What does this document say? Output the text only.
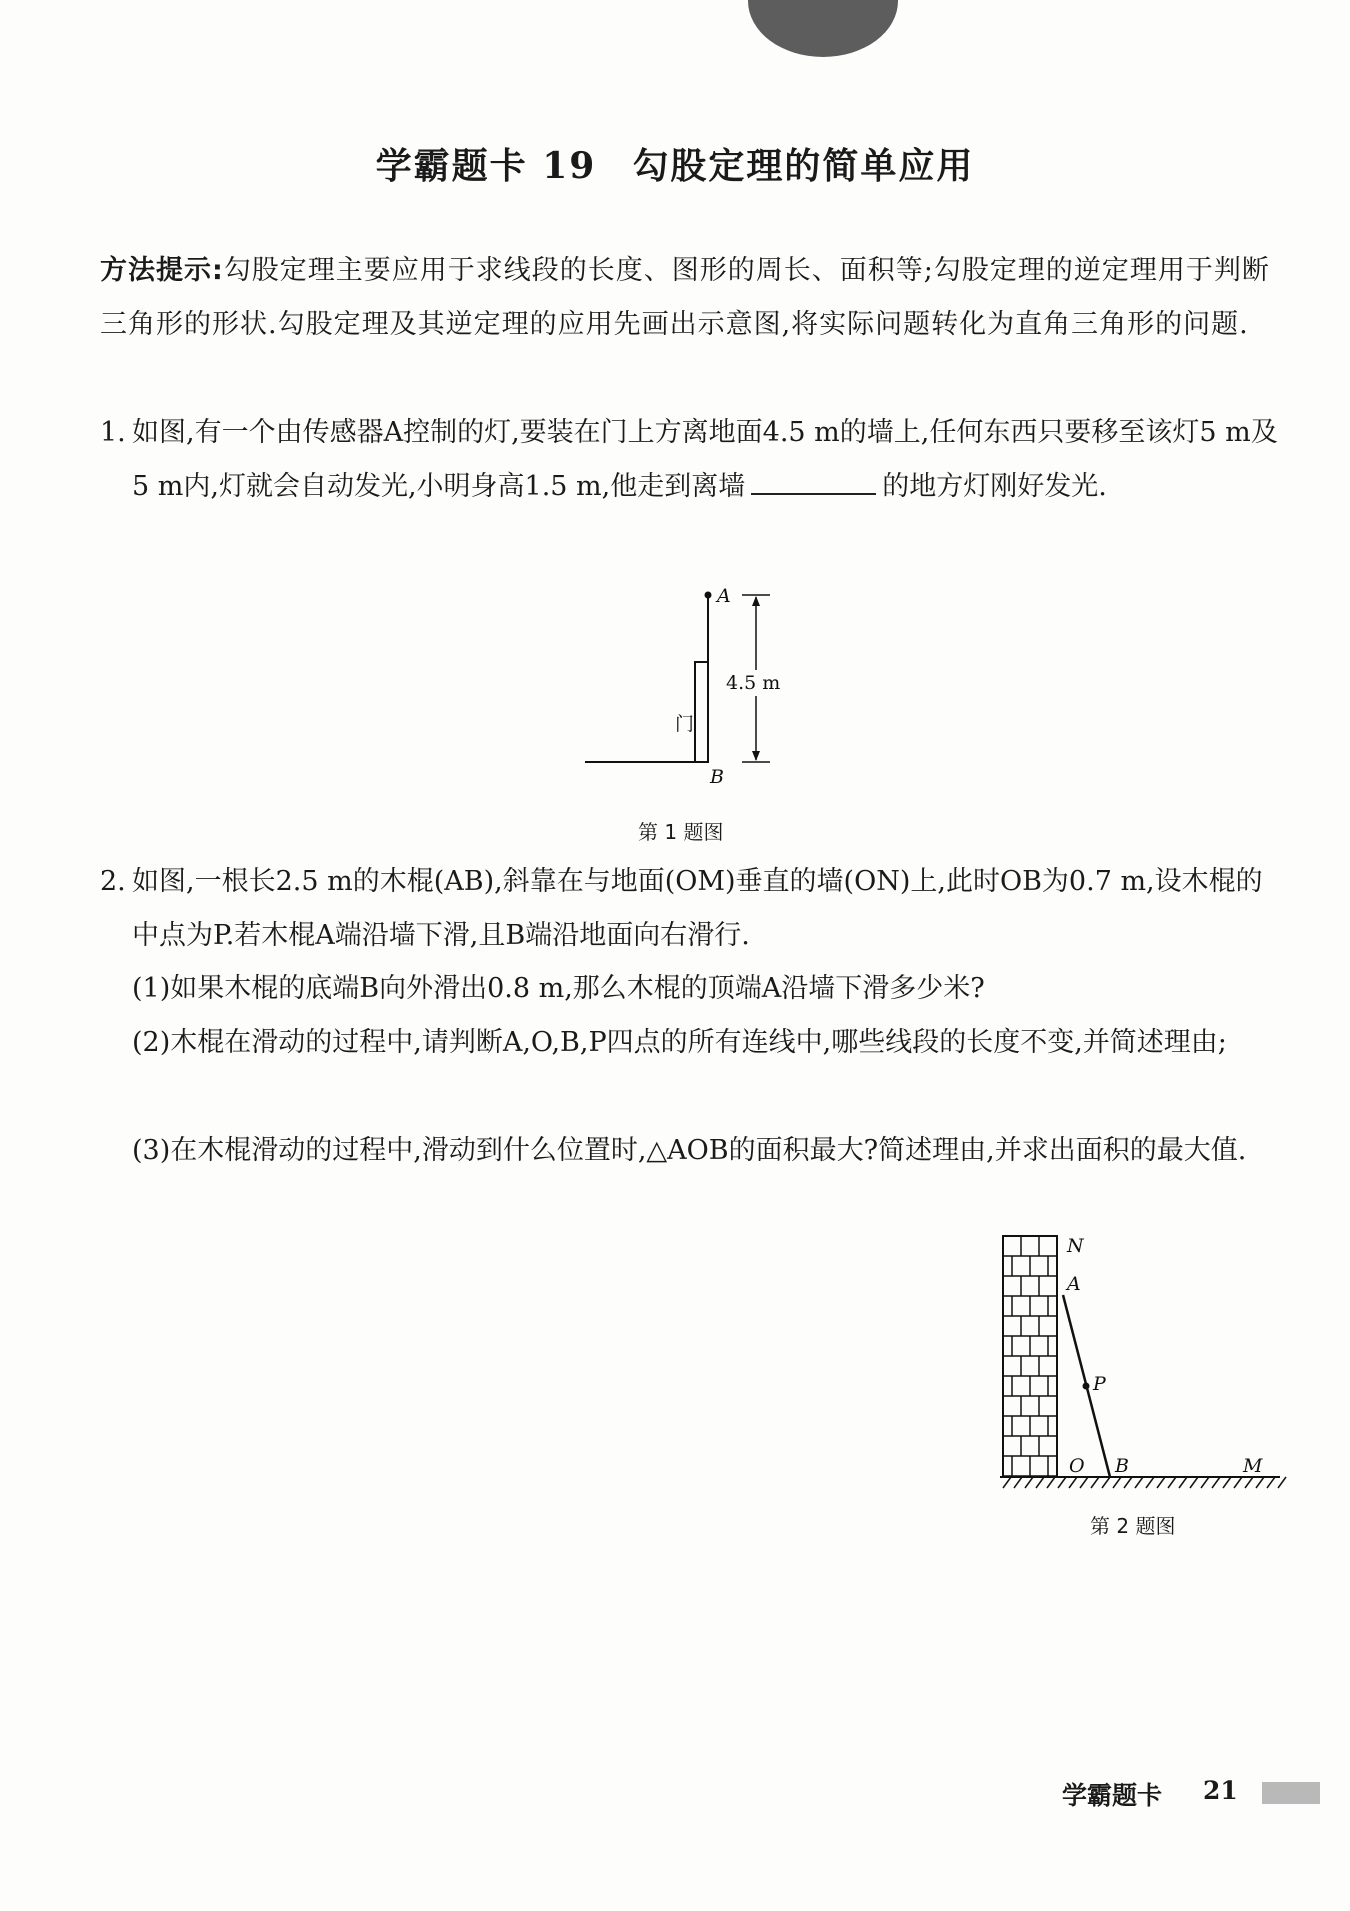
学霸题卡 19 勾股定理的简单应用
方法提示:勾股定理主要应用于求线段的长度、图形的周长、面积等;勾股定理的逆定理用于判断三角形的形状.勾股定理及其逆定理的应用先画出示意图,将实际问题转化为直角三角形的问题.
1. 如图,有一个由传感器A控制的灯,要装在门上方离地面4.5 m的墙上,任何东西只要移至该灯5 m及5 m内,灯就会自动发光,小明身高1.5 m,他走到离墙	的地方灯刚好发光.
A
B
门
4.5 m
第 1 题图
2. 如图,一根长2.5 m的木棍(AB),斜靠在与地面(OM)垂直的墙(ON)上,此时OB为0.7 m,设木棍的中点为P.若木棍A端沿墙下滑,且B端沿地面向右滑行.
(1)如果木棍的底端B向外滑出0.8 m,那么木棍的顶端A沿墙下滑多少米?
(2)木棍在滑动的过程中,请判断A,O,B,P四点的所有连线中,哪些线段的长度不变,并简述理由;
(3)在木棍滑动的过程中,滑动到什么位置时,△AOB的面积最大?简述理由,并求出面积的最大值.
N
A
P
O B	M
第 2 题图
学霸题卡 21
